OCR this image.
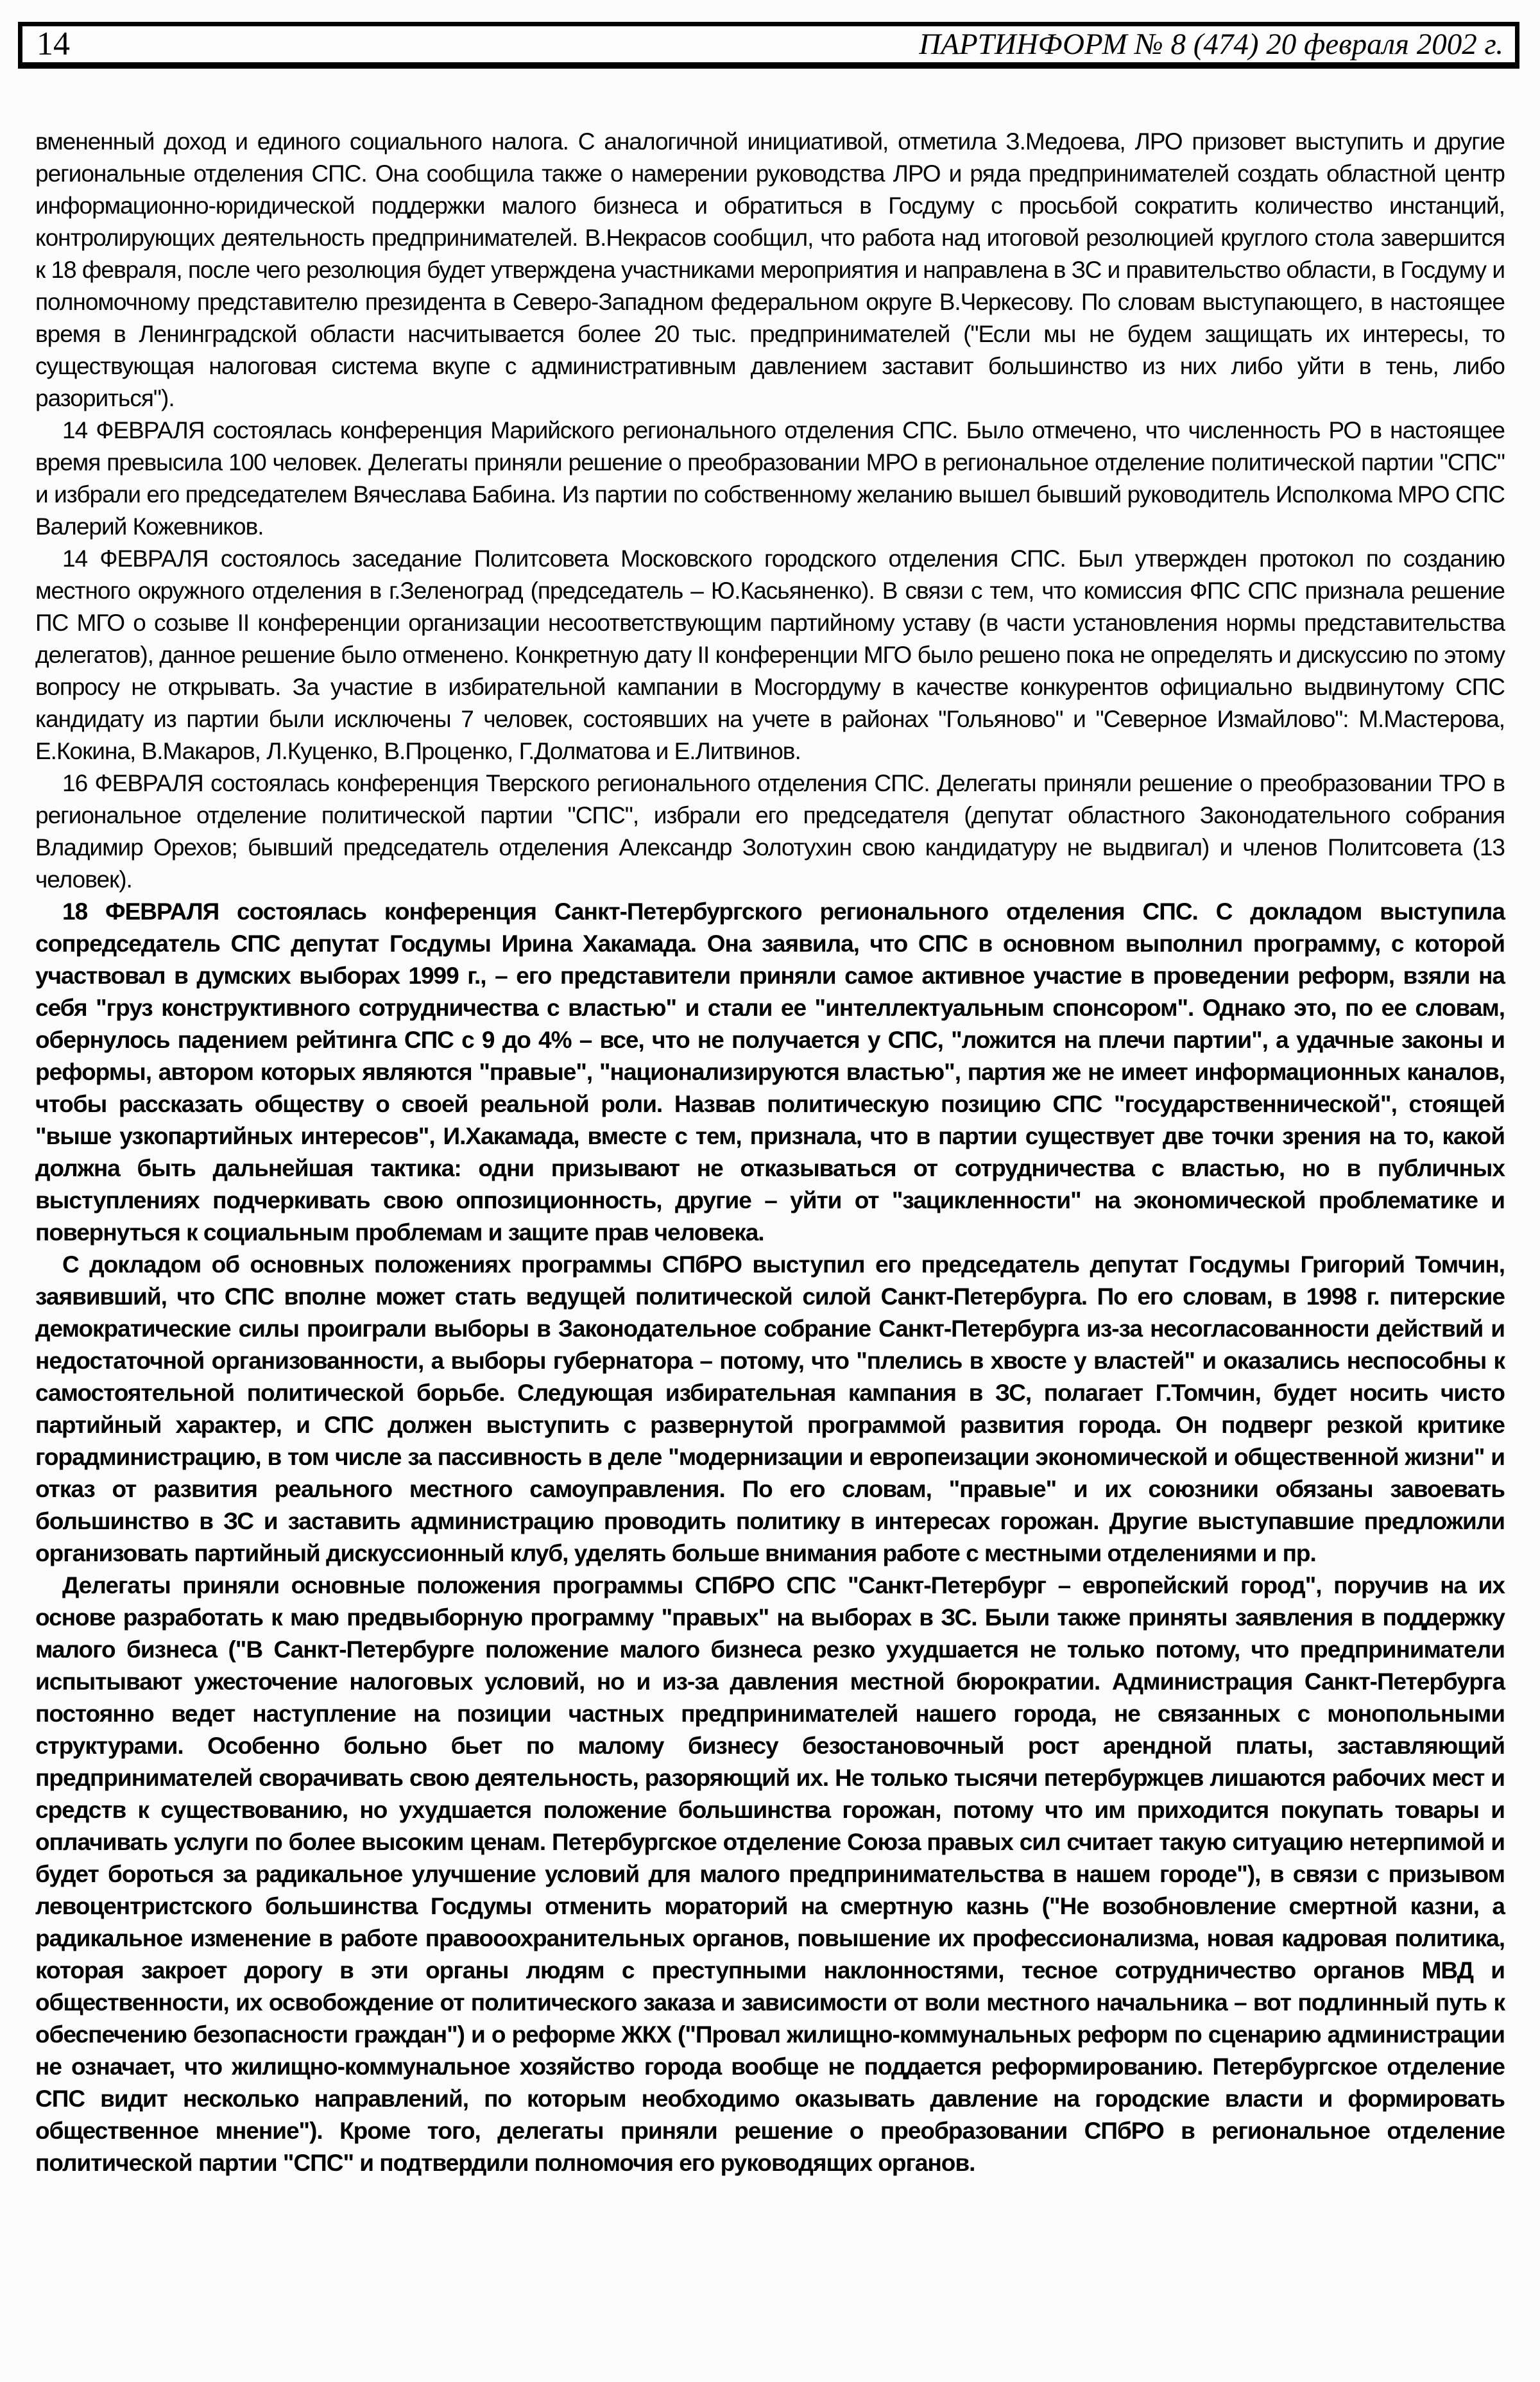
14	ПАРТИНФОРМ № 8 (474) 20 февраля 2002 г.

вмененный доход и единого социального налога. С аналогичной инициативой, отметила З.Медоева, ЛРО призовет выступить и другие региональные отделения СПС. Она сообщила также о намерении руководства ЛРО и ряда предпринимателей создать областной центр информационно-юридической поддержки малого бизнеса и обратиться в Госдуму с просьбой сократить количество инстанций, контролирующих деятельность предпринимателей. В.Некрасов сообщил, что работа над итоговой резолюцией круглого стола завершится к 18 февраля, после чего резолюция будет утверждена участниками мероприятия и направлена в ЗС и правительство области, в Госдуму и полномочному представителю президента в Северо-Западном федеральном округе В.Черкесову. По словам выступающего, в настоящее время в Ленинградской области насчитывается более 20 тыс. предпринимателей ("Если мы не будем защищать их интересы, то существующая налоговая система вкупе с административным давлением заставит большинство из них либо уйти в тень, либо разориться").

14 ФЕВРАЛЯ состоялась конференция Марийского регионального отделения СПС. Было отмечено, что численность РО в настоящее время превысила 100 человек. Делегаты приняли решение о преобразовании МРО в региональное отделение политической партии "СПС" и избрали его председателем Вячеслава Бабина. Из партии по собственному желанию вышел бывший руководитель Исполкома МРО СПС Валерий Кожевников.

14 ФЕВРАЛЯ состоялось заседание Политсовета Московского городского отделения СПС. Был утвержден протокол по созданию местного окружного отделения в г.Зеленоград (председатель – Ю.Касьяненко). В связи с тем, что комиссия ФПС СПС признала решение ПС МГО о созыве II конференции организации несоответствующим партийному уставу (в части установления нормы представительства делегатов), данное решение было отменено. Конкретную дату II конференции МГО было решено пока не определять и дискуссию по этому вопросу не открывать. За участие в избирательной кампании в Мосгордуму в качестве конкурентов официально выдвинутому СПС кандидату из партии были исключены 7 человек, состоявших на учете в районах "Гольяново" и "Северное Измайлово": М.Мастерова, Е.Кокина, В.Макаров, Л.Куценко, В.Проценко, Г.Долматова и Е.Литвинов.

16 ФЕВРАЛЯ состоялась конференция Тверского регионального отделения СПС. Делегаты приняли решение о преобразовании ТРО в региональное отделение политической партии "СПС", избрали его председателя (депутат областного Законодательного собрания Владимир Орехов; бывший председатель отделения Александр Золотухин свою кандидатуру не выдвигал) и членов Политсовета (13 человек).

18 ФЕВРАЛЯ состоялась конференция Санкт-Петербургского регионального отделения СПС. С докладом выступила сопредседатель СПС депутат Госдумы Ирина Хакамада. Она заявила, что СПС в основном выполнил программу, с которой участвовал в думских выборах 1999 г., – его представители приняли самое активное участие в проведении реформ, взяли на себя "груз конструктивного сотрудничества с властью" и стали ее "интеллектуальным спонсором". Однако это, по ее словам, обернулось падением рейтинга СПС с 9 до 4% – все, что не получается у СПС, "ложится на плечи партии", а удачные законы и реформы, автором которых являются "правые", "национализируются властью", партия же не имеет информационных каналов, чтобы рассказать обществу о своей реальной роли. Назвав политическую позицию СПС "государственнической", стоящей "выше узкопартийных интересов", И.Хакамада, вместе с тем, признала, что в партии существует две точки зрения на то, какой должна быть дальнейшая тактика: одни призывают не отказываться от сотрудничества с властью, но в публичных выступлениях подчеркивать свою оппозиционность, другие – уйти от "зацикленности" на экономической проблематике и повернуться к социальным проблемам и защите прав человека.

С докладом об основных положениях программы СПбРО выступил его председатель депутат Госдумы Григорий Томчин, заявивший, что СПС вполне может стать ведущей политической силой Санкт-Петербурга. По его словам, в 1998 г. питерские демократические силы проиграли выборы в Законодательное собрание Санкт-Петербурга из-за несогласованности действий и недостаточной организованности, а выборы губернатора – потому, что "плелись в хвосте у властей" и оказались неспособны к самостоятельной политической борьбе. Следующая избирательная кампания в ЗС, полагает Г.Томчин, будет носить чисто партийный характер, и СПС должен выступить с развернутой программой развития города. Он подверг резкой критике горадминистрацию, в том числе за пассивность в деле "модернизации и европеизации экономической и общественной жизни" и отказ от развития реального местного самоуправления. По его словам, "правые" и их союзники обязаны завоевать большинство в ЗС и заставить администрацию проводить политику в интересах горожан. Другие выступавшие предложили организовать партийный дискуссионный клуб, уделять больше внимания работе с местными отделениями и пр.

Делегаты приняли основные положения программы СПбРО СПС "Санкт-Петербург – европейский город", поручив на их основе разработать к маю предвыборную программу "правых" на выборах в ЗС. Были также приняты заявления в поддержку малого бизнеса ("В Санкт-Петербурге положение малого бизнеса резко ухудшается не только потому, что предприниматели испытывают ужесточение налоговых условий, но и из-за давления местной бюрократии. Администрация Санкт-Петербурга постоянно ведет наступление на позиции частных предпринимателей нашего города, не связанных с монопольными структурами. Особенно больно бьет по малому бизнесу безостановочный рост арендной платы, заставляющий предпринимателей сворачивать свою деятельность, разоряющий их. Не только тысячи петербуржцев лишаются рабочих мест и средств к существованию, но ухудшается положение большинства горожан, потому что им приходится покупать товары и оплачивать услуги по более высоким ценам. Петербургское отделение Союза правых сил считает такую ситуацию нетерпимой и будет бороться за радикальное улучшение условий для малого предпринимательства в нашем городе"), в связи с призывом левоцентристского большинства Госдумы отменить мораторий на смертную казнь ("Не возобновление смертной казни, а радикальное изменение в работе правооохранительных органов, повышение их профессионализма, новая кадровая политика, которая закроет дорогу в эти органы людям с преступными наклонностями, тесное сотрудничество органов МВД и общественности, их освобождение от политического заказа и зависимости от воли местного начальника – вот подлинный путь к обеспечению безопасности граждан") и о реформе ЖКХ ("Провал жилищно-коммунальных реформ по сценарию администрации не означает, что жилищно-коммунальное хозяйство города вообще не поддается реформированию. Петербургское отделение СПС видит несколько направлений, по которым необходимо оказывать давление на городские власти и формировать общественное мнение"). Кроме того, делегаты приняли решение о преобразовании СПбРО в региональное отделение политической партии "СПС" и подтвердили полномочия его руководящих органов.
